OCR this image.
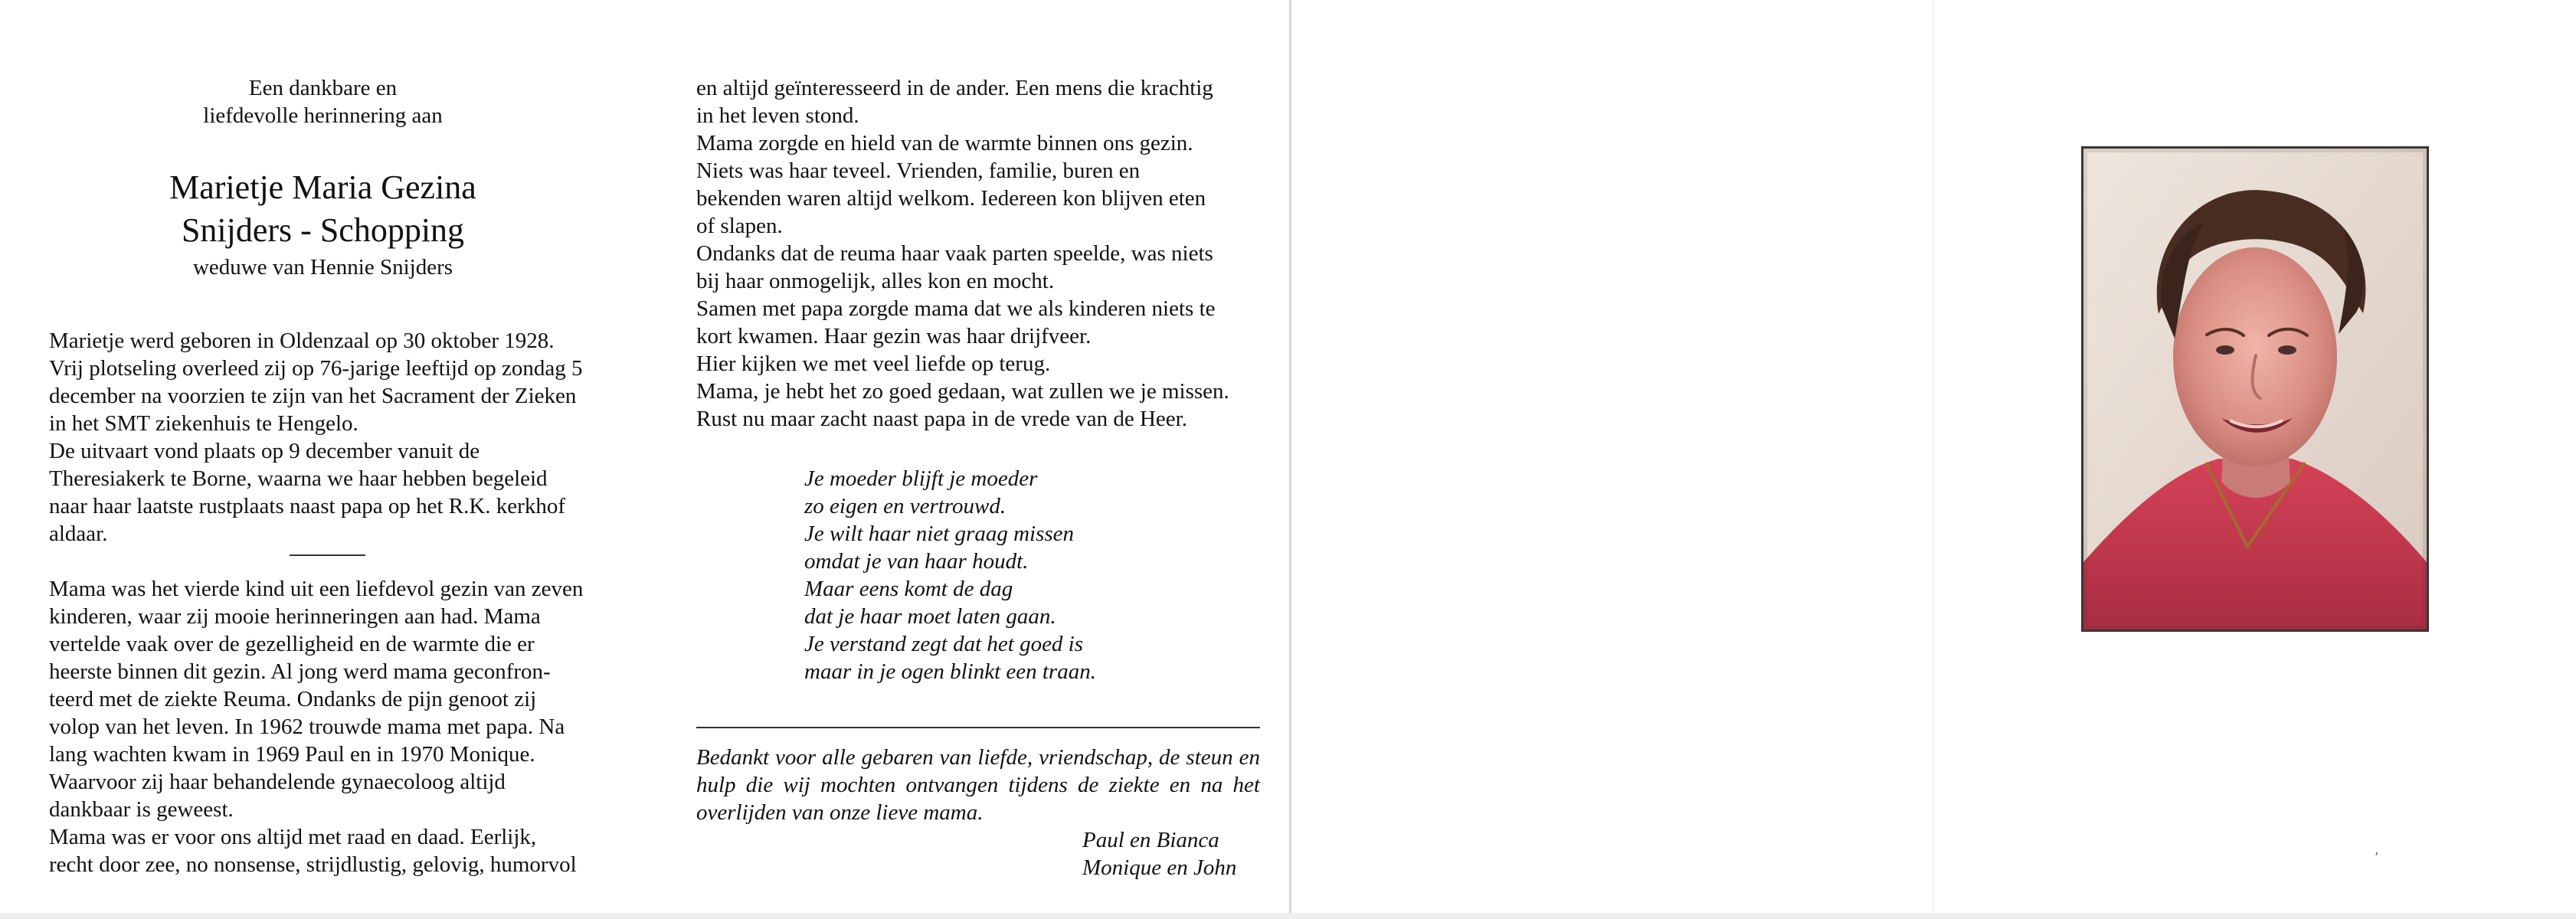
Een dankbare en
liefdevolle herinnering aan
Marietje Maria Gezina
Snijders - Schopping
weduwe van Hennie Snijders

Marietje werd geboren in Oldenzaal op 30 oktober 1928.
Vrij plotseling overleed zij op 76-jarige leeftijd op zondag 5
december na voorzien te zijn van het Sacrament der Zieken
in het SMT ziekenhuis te Hengelo.
De uitvaart vond plaats op 9 december vanuit de
Theresiakerk te Borne, waarna we haar hebben begeleid
naar haar laatste rustplaats naast papa op het R.K. kerkhof
aldaar.

Mama was het vierde kind uit een liefdevol gezin van zeven
kinderen, waar zij mooie herinneringen aan had. Mama
vertelde vaak over de gezelligheid en de warmte die er
heerste binnen dit gezin. Al jong werd mama geconfron-
teerd met de ziekte Reuma. Ondanks de pijn genoot zij
volop van het leven. In 1962 trouwde mama met papa. Na
lang wachten kwam in 1969 Paul en in 1970 Monique.
Waarvoor zij haar behandelende gynaecoloog altijd
dankbaar is geweest.
Mama was er voor ons altijd met raad en daad. Eerlijk,
recht door zee, no nonsense, strijdlustig, gelovig, humorvol

en altijd geïnteresseerd in de ander. Een mens die krachtig
in het leven stond.
Mama zorgde en hield van de warmte binnen ons gezin.
Niets was haar teveel. Vrienden, familie, buren en
bekenden waren altijd welkom. Iedereen kon blijven eten
of slapen.
Ondanks dat de reuma haar vaak parten speelde, was niets
bij haar onmogelijk, alles kon en mocht.
Samen met papa zorgde mama dat we als kinderen niets te
kort kwamen. Haar gezin was haar drijfveer.
Hier kijken we met veel liefde op terug.
Mama, je hebt het zo goed gedaan, wat zullen we je missen.
Rust nu maar zacht naast papa in de vrede van de Heer.

Je moeder blijft je moeder
zo eigen en vertrouwd.
Je wilt haar niet graag missen
omdat je van haar houdt.
Maar eens komt de dag
dat je haar moet laten gaan.
Je verstand zegt dat het goed is
maar in je ogen blinkt een traan.
Bedankt voor alle gebaren van liefde, vriendschap, de steun en hulp die wij mochten ontvangen tijdens de ziekte en na het overlijden van onze lieve mama.
Paul en Bianca
Monique en John
,
